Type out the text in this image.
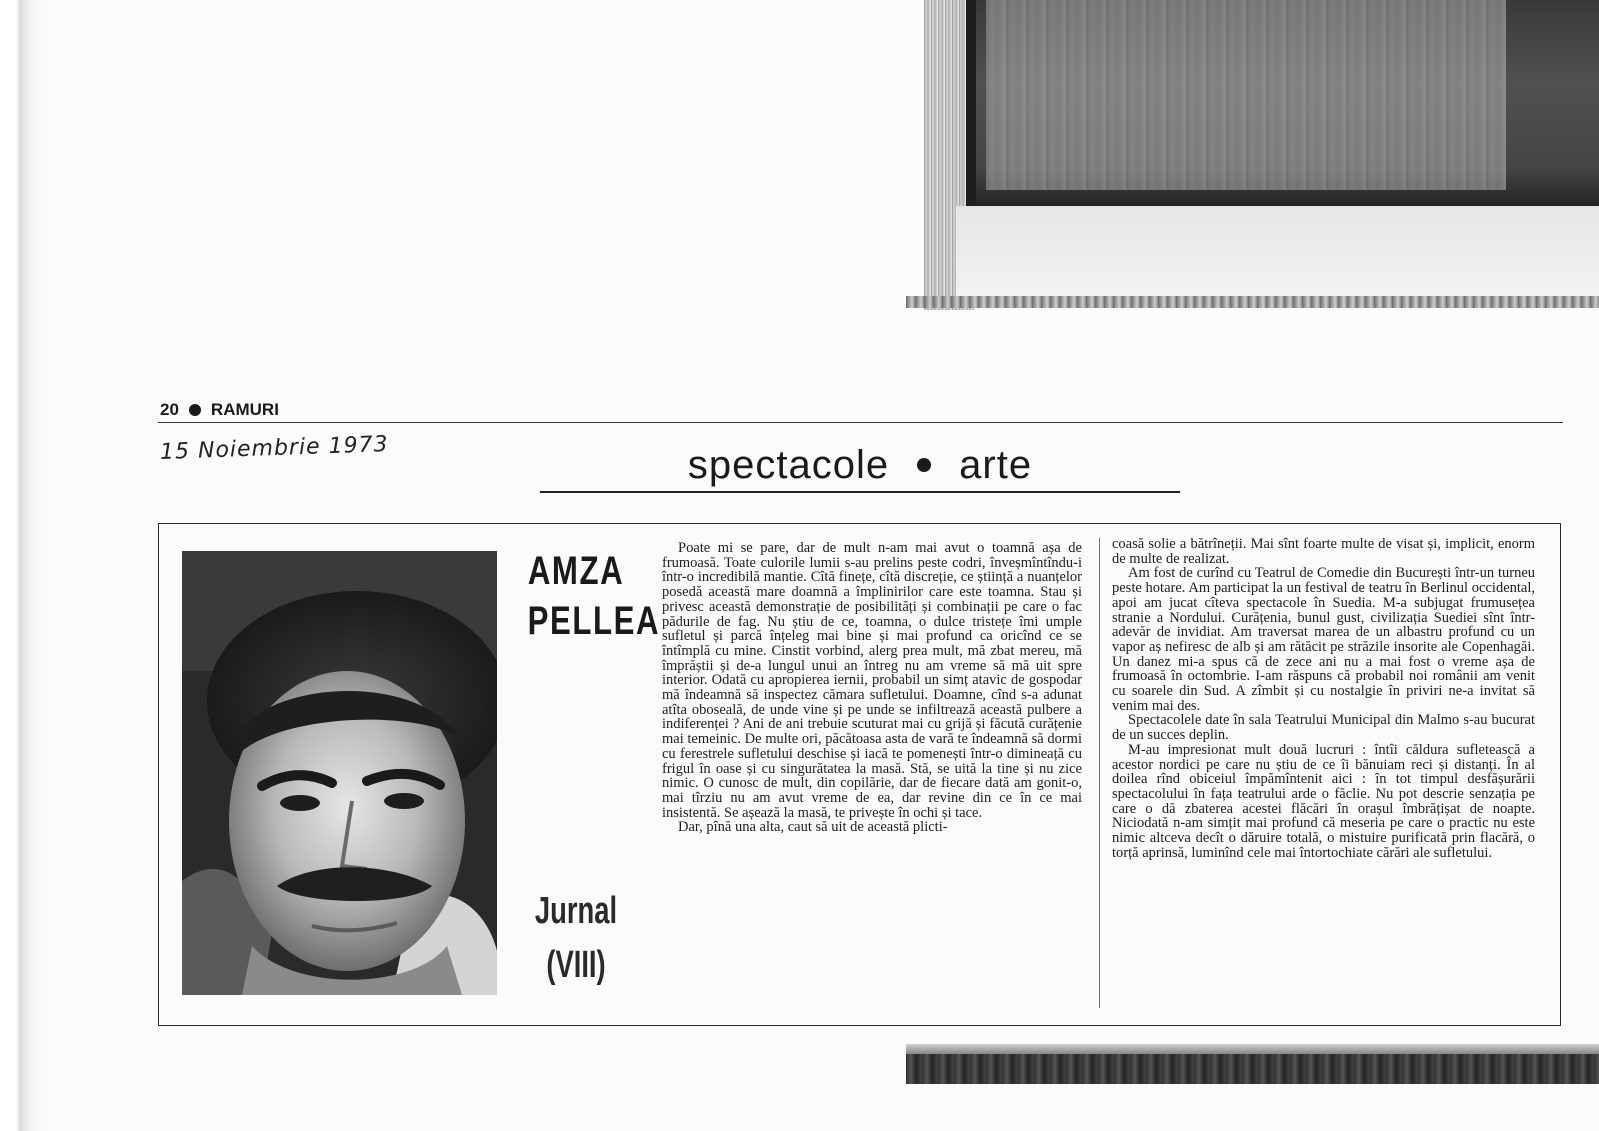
20 RAMURI
15 Noiembrie 1973	spectacole arte
AMZA
PELLEA
Jurnal
(VIII)

Poate mi se pare, dar de mult n-am mai avut o toamnă așa de frumoasă. Toate culorile lumii s-au prelins peste codri, înveșmîntîndu-i într-o incredibilă mantie. Cîtă finețe, cîtă discreție, ce știință a nuanțelor posedă această mare doamnă a împlinirilor care este toamna. Stau și privesc această demonstrație de posibilități și combinații pe care o fac pădurile de fag. Nu știu de ce, toamna, o dulce tristețe îmi umple sufletul și parcă înțeleg mai bine și mai profund ca oricînd ce se întîmplă cu mine. Cinstit vorbind, alerg prea mult, mă zbat mereu, mă împrăștii și de-a lungul unui an întreg nu am vreme să mă uit spre interior. Odată cu apropierea iernii, probabil un simț atavic de gospodar mă îndeamnă să inspectez cămara sufletului. Doamne, cînd s-a adunat atîta oboseală, de unde vine și pe unde se infiltrează această pulbere a indiferenței ? Ani de ani trebuie scuturat mai cu grijă și făcută curățenie mai temeinic. De multe ori, păcătoasa asta de vară te îndeamnă să dormi cu ferestrele sufletului deschise și iacă te pomenești într-o dimineață cu frigul în oase și cu singurătatea la masă. Stă, se uită la tine și nu zice nimic. O cunosc de mult, din copilărie, dar de fiecare dată am gonit-o, mai tîrziu nu am avut vreme de ea, dar revine din ce în ce mai insistentă. Se așează la masă, te privește în ochi și tace.

Dar, pînă una alta, caut să uit de această plicti-

coasă solie a bătrîneții. Mai sînt foarte multe de visat și, implicit, enorm de multe de realizat.

Am fost de curînd cu Teatrul de Comedie din București într-un turneu peste hotare. Am participat la un festival de teatru în Berlinul occidental, apoi am jucat cîteva spectacole în Suedia. M-a subjugat frumusețea stranie a Nordului. Curățenia, bunul gust, civilizația Suediei sînt într-adevăr de invidiat. Am traversat marea de un albastru profund cu un vapor aș nefiresc de alb și am rătăcit pe străzile insorite ale Copenhagăi. Un danez mi-a spus că de zece ani nu a mai fost o vreme așa de frumoasă în octombrie. I-am răspuns că probabil noi românii am venit cu soarele din Sud. A zîmbit și cu nostalgie în priviri ne-a invitat să venim mai des.

Spectacolele date în sala Teatrului Municipal din Malmo s-au bucurat de un succes deplin.

M-au impresionat mult două lucruri : întîi căldura sufletească a acestor nordici pe care nu știu de ce îi bănuiam reci și distanți. În al doilea rînd obiceiul împămîntenit aici : în tot timpul desfășurării spectacolului în fața teatrului arde o făclie. Nu pot descrie senzația pe care o dă zbaterea acestei flăcări în orașul îmbrățișat de noapte. Niciodată n-am simțit mai profund că meseria pe care o practic nu este nimic altceva decît o dăruire totală, o mistuire purificată prin flacără, o torță aprinsă, luminînd cele mai întortochiate cărări ale sufletului.
